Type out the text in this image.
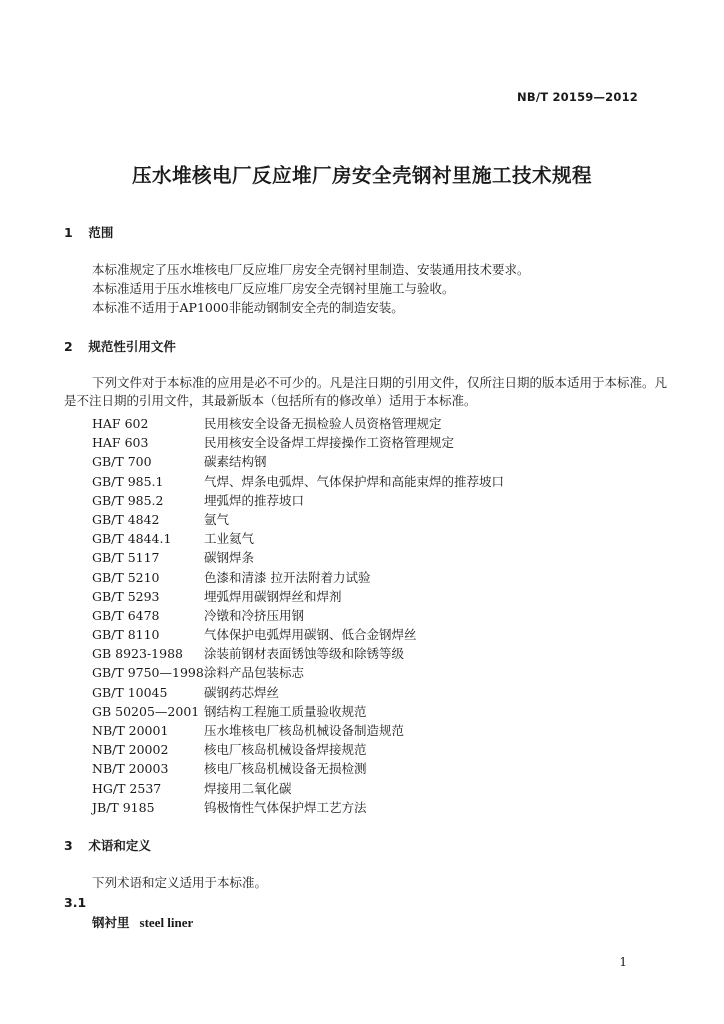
NB/T 20159—2012
压水堆核电厂反应堆厂房安全壳钢衬里施工技术规程
1 范围
本标准规定了压水堆核电厂反应堆厂房安全壳钢衬里制造、安装通用技术要求。
本标准适用于压水堆核电厂反应堆厂房安全壳钢衬里施工与验收。
本标准不适用于AP1000非能动钢制安全壳的制造安装。
2 规范性引用文件
下列文件对于本标准的应用是必不可少的。凡是注日期的引用文件，仅所注日期的版本适用于本标准。凡是不注日期的引用文件，其最新版本（包括所有的修改单）适用于本标准。
HAF 602	民用核安全设备无损检验人员资格管理规定
HAF 603	民用核安全设备焊工焊接操作工资格管理规定
GB/T 700	碳素结构钢
GB/T 985.1	气焊、焊条电弧焊、气体保护焊和高能束焊的推荐坡口
GB/T 985.2	埋弧焊的推荐坡口
GB/T 4842	氩气
GB/T 4844.1	工业氦气
GB/T 5117	碳钢焊条
GB/T 5210	色漆和清漆 拉开法附着力试验
GB/T 5293	埋弧焊用碳钢焊丝和焊剂
GB/T 6478	冷镦和冷挤压用钢
GB/T 8110	气体保护电弧焊用碳钢、低合金钢焊丝
GB 8923-1988 涂装前钢材表面锈蚀等级和除锈等级
GB/T 9750—1998涂料产品包装标志
GB/T 10045	碳钢药芯焊丝
GB 50205—2001 钢结构工程施工质量验收规范
NB/T 20001	压水堆核电厂核岛机械设备制造规范
NB/T 20002	核电厂核岛机械设备焊接规范
NB/T 20003	核电厂核岛机械设备无损检测
HG/T 2537	焊接用二氧化碳
JB/T 9185	钨极惰性气体保护焊工艺方法
3 术语和定义
下列术语和定义适用于本标准。
3.1
钢衬里 steel liner
1
